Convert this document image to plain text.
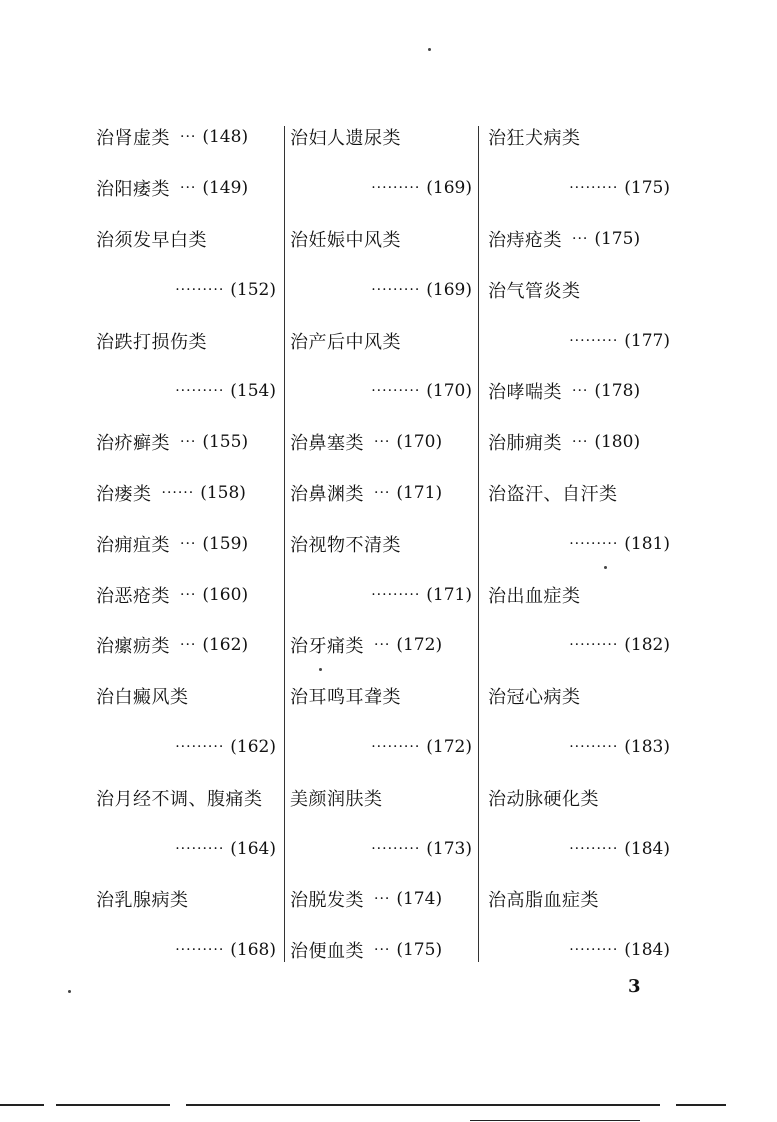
治肾虚类 ··· (148)
治阳痿类 ··· (149)
治须发早白类
········· (152)
治跌打损伤类
········· (154)
治疥癣类 ··· (155)
治瘘类 ······ (158)
治痈疽类 ··· (159)
治恶疮类 ··· (160)
治瘰疬类 ··· (162)
治白癜风类
········· (162)
治月经不调、腹痛类
········· (164)
治乳腺病类
········· (168)
治妇人遗尿类
········· (169)
治妊娠中风类
········· (169)
治产后中风类
········· (170)
治鼻塞类 ··· (170)
治鼻渊类 ··· (171)
治视物不清类
········· (171)
治牙痛类 ··· (172)
治耳鸣耳聋类
········· (172)
美颜润肤类
········· (173)
治脱发类 ··· (174)
治便血类 ··· (175)
治狂犬病类
········· (175)
治痔疮类 ··· (175)
治气管炎类
········· (177)
治哮喘类 ··· (178)
治肺痈类 ··· (180)
治盗汗、自汗类
········· (181)
治出血症类
········· (182)
治冠心病类
········· (183)
治动脉硬化类
········· (184)
治高脂血症类
········· (184)
3
